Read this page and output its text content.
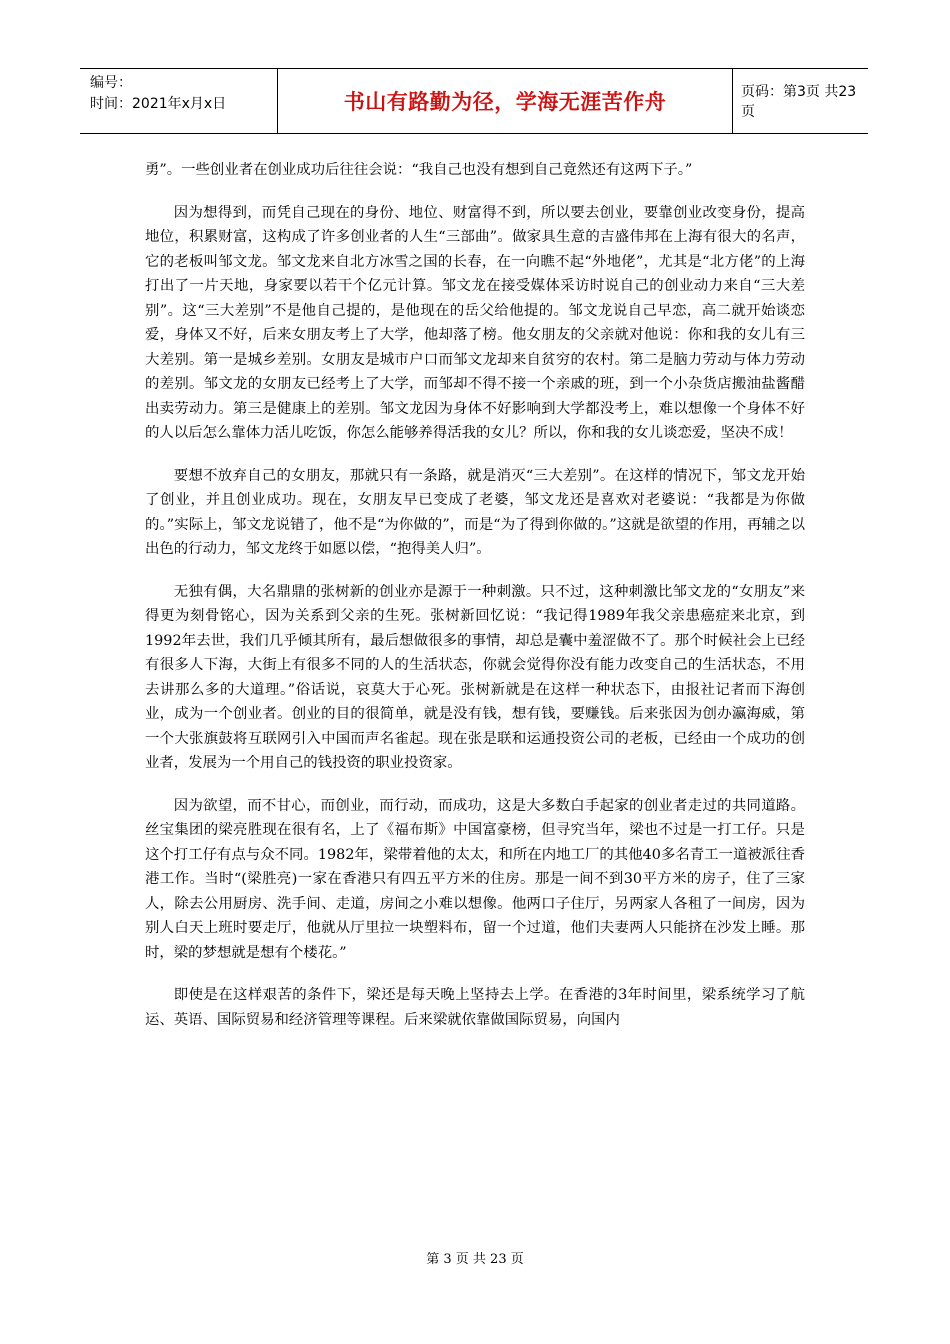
编号：
时间：2021年x月x日	书山有路勤为径，学海无涯苦作舟	页码：第3页 共23页

勇”。一些创业者在创业成功后往往会说：“我自己也没有想到自己竟然还有这两下子。”

因为想得到，而凭自己现在的身份、地位、财富得不到，所以要去创业，要靠创业改变身份，提高地位，积累财富，这构成了许多创业者的人生“三部曲”。做家具生意的吉盛伟邦在上海有很大的名声，它的老板叫邹文龙。邹文龙来自北方冰雪之国的长春，在一向瞧不起“外地佬”，尤其是“北方佬”的上海打出了一片天地，身家要以若干个亿元计算。邹文龙在接受媒体采访时说自己的创业动力来自“三大差别”。这“三大差别”不是他自己提的，是他现在的岳父给他提的。邹文龙说自己早恋，高二就开始谈恋爱，身体又不好，后来女朋友考上了大学，他却落了榜。他女朋友的父亲就对他说：你和我的女儿有三大差别。第一是城乡差别。女朋友是城市户口而邹文龙却来自贫穷的农村。第二是脑力劳动与体力劳动的差别。邹文龙的女朋友已经考上了大学，而邹却不得不接一个亲戚的班，到一个小杂货店搬油盐酱醋出卖劳动力。第三是健康上的差别。邹文龙因为身体不好影响到大学都没考上，难以想像一个身体不好的人以后怎么靠体力活儿吃饭，你怎么能够养得活我的女儿？所以，你和我的女儿谈恋爱，坚决不成！

要想不放弃自己的女朋友，那就只有一条路，就是消灭“三大差别”。在这样的情况下，邹文龙开始了创业，并且创业成功。现在，女朋友早已变成了老婆，邹文龙还是喜欢对老婆说：“我都是为你做的。”实际上，邹文龙说错了，他不是“为你做的”，而是“为了得到你做的。”这就是欲望的作用，再辅之以出色的行动力，邹文龙终于如愿以偿，“抱得美人归”。

无独有偶，大名鼎鼎的张树新的创业亦是源于一种刺激。只不过，这种刺激比邹文龙的“女朋友”来得更为刻骨铭心，因为关系到父亲的生死。张树新回忆说：“我记得1989年我父亲患癌症来北京，到1992年去世，我们几乎倾其所有，最后想做很多的事情，却总是囊中羞涩做不了。那个时候社会上已经有很多人下海，大街上有很多不同的人的生活状态，你就会觉得你没有能力改变自己的生活状态，不用去讲那么多的大道理。”俗话说，哀莫大于心死。张树新就是在这样一种状态下，由报社记者而下海创业，成为一个创业者。创业的目的很简单，就是没有钱，想有钱，要赚钱。后来张因为创办瀛海威，第一个大张旗鼓将互联网引入中国而声名雀起。现在张是联和运通投资公司的老板，已经由一个成功的创业者，发展为一个用自己的钱投资的职业投资家。

因为欲望，而不甘心，而创业，而行动，而成功，这是大多数白手起家的创业者走过的共同道路。丝宝集团的梁亮胜现在很有名，上了《福布斯》中国富豪榜，但寻究当年，梁也不过是一打工仔。只是这个打工仔有点与众不同。1982年，梁带着他的太太，和所在内地工厂的其他40多名青工一道被派往香港工作。当时“(梁胜亮)一家在香港只有四五平方米的住房。那是一间不到30平方米的房子，住了三家人，除去公用厨房、洗手间、走道，房间之小难以想像。他两口子住厅，另两家人各租了一间房，因为别人白天上班时要走厅，他就从厅里拉一块塑料布，留一个过道，他们夫妻两人只能挤在沙发上睡。那时，梁的梦想就是想有个楼花。”

即使是在这样艰苦的条件下，梁还是每天晚上坚持去上学。在香港的3年时间里，梁系统学习了航运、英语、国际贸易和经济管理等课程。后来梁就依靠做国际贸易，向国内

第 3 页 共 23 页
